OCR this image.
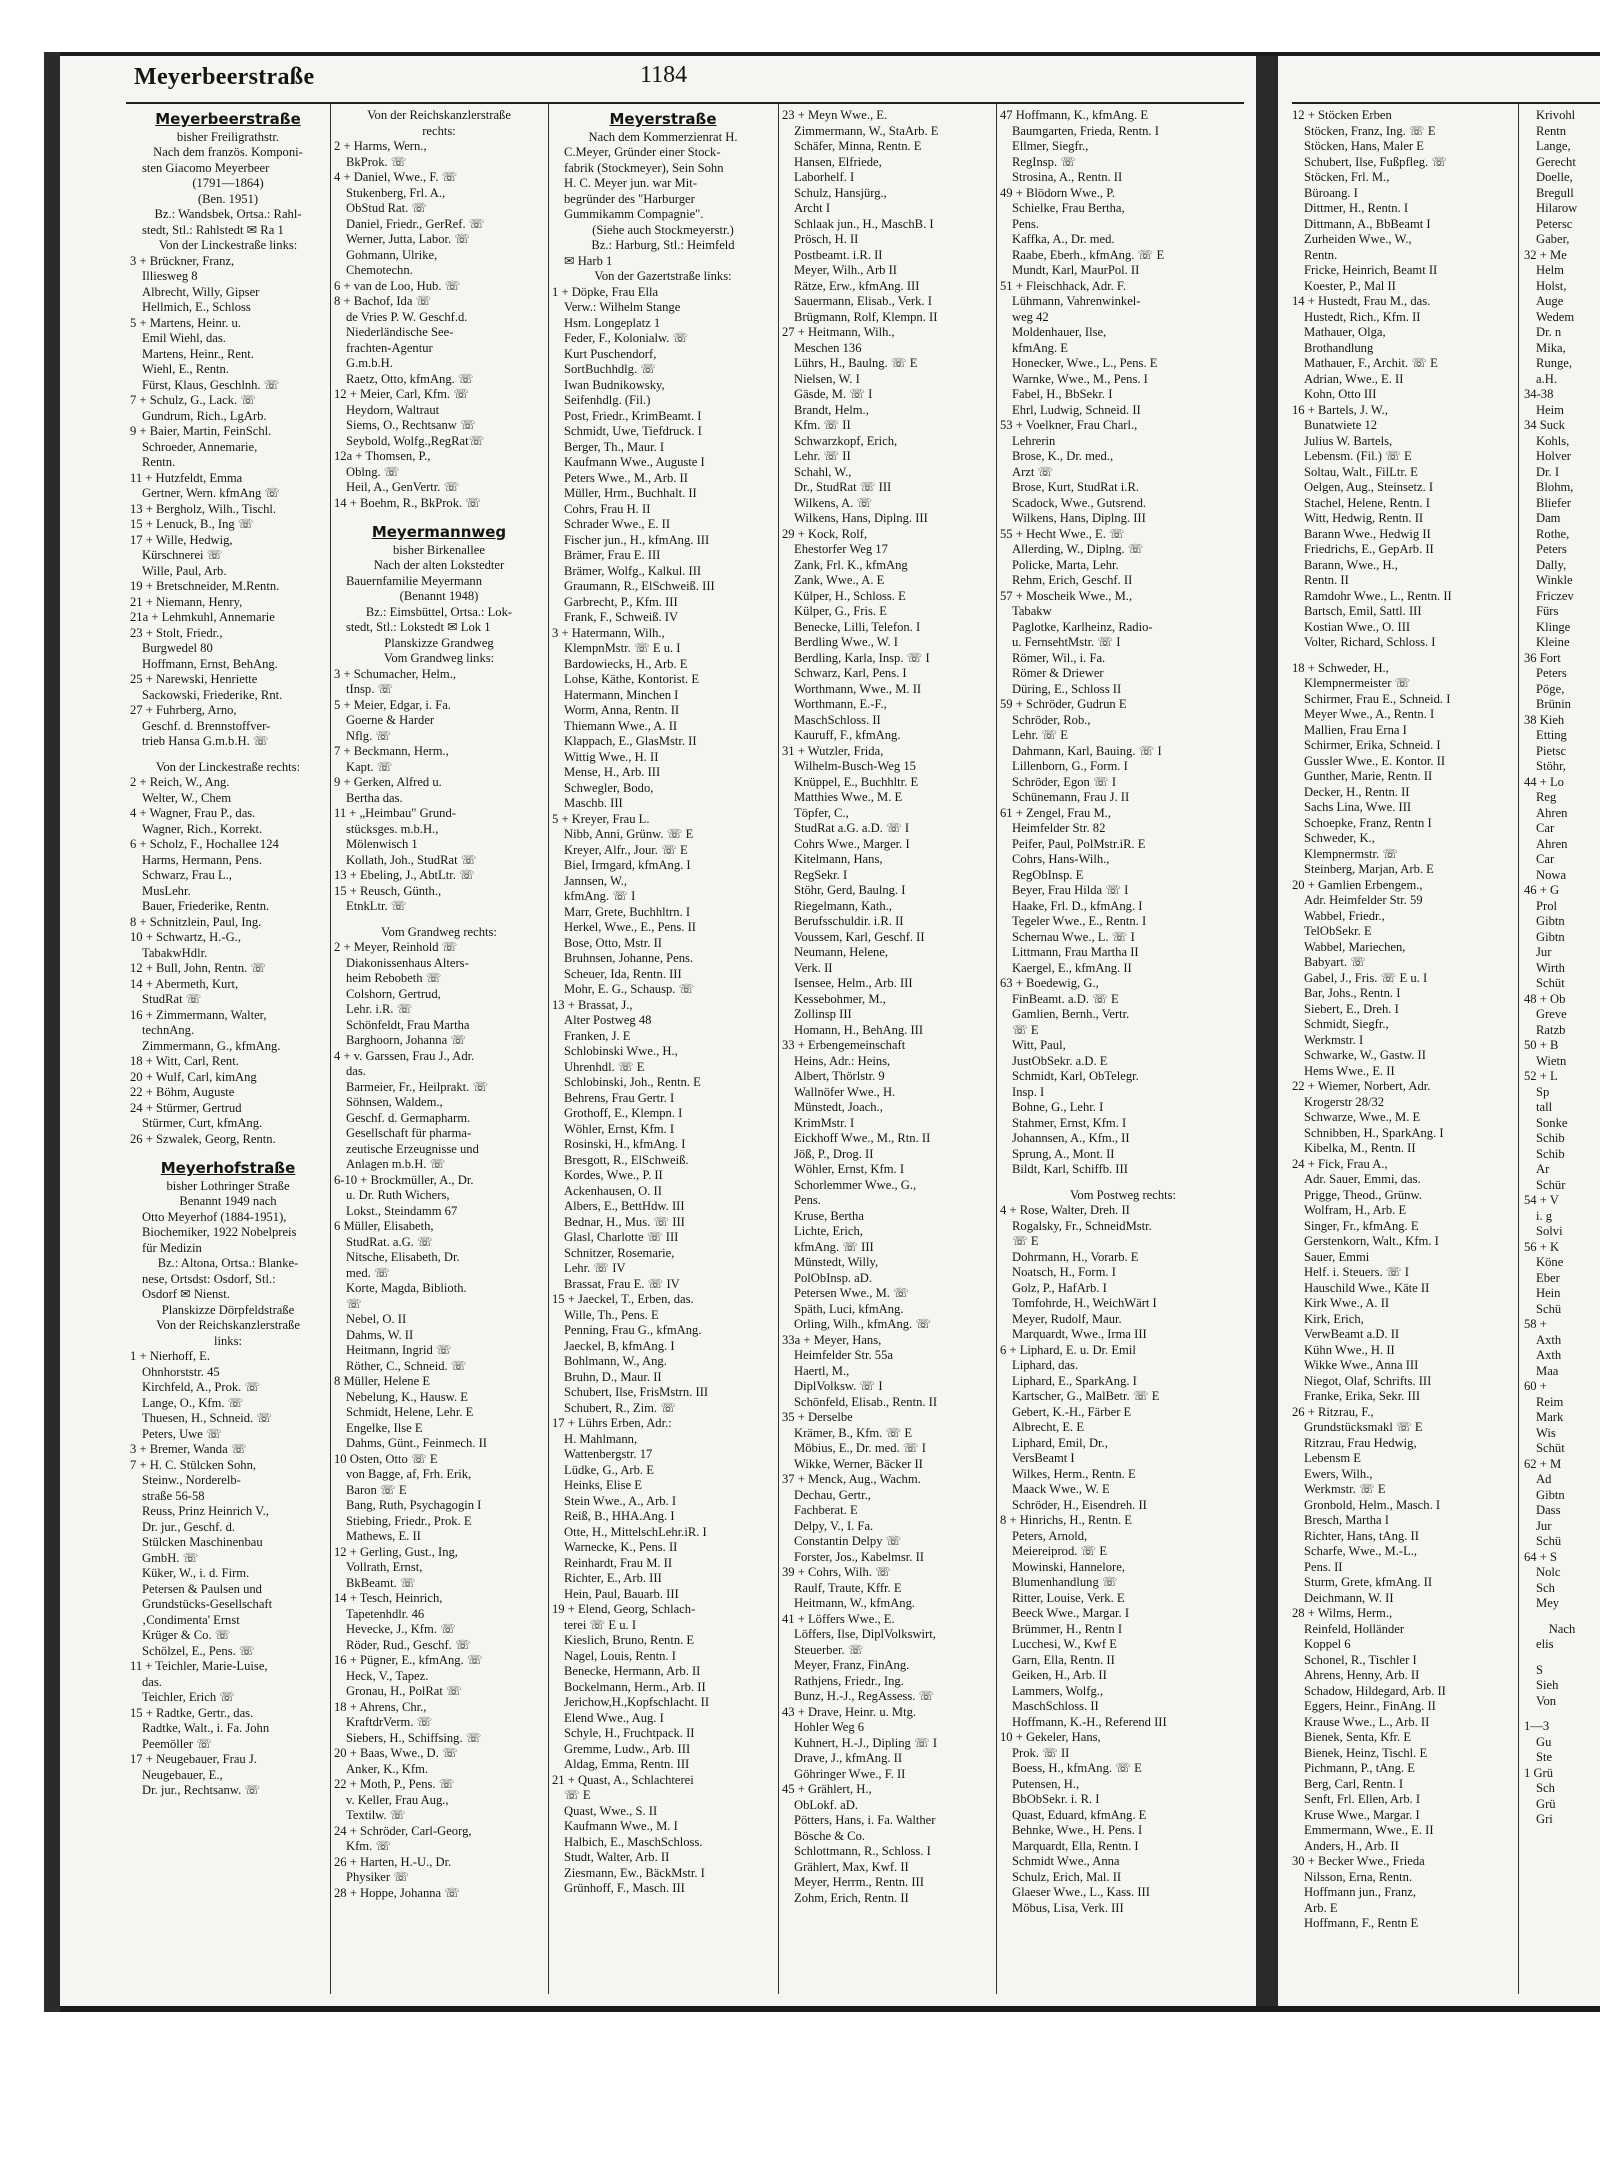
Meyerbeerstraße	1184
Meyerbeerstraße
bisher Freiligrathstr.
Nach dem französ. Komponi-
sten Giacomo Meyerbeer
(1791—1864)
(Ben. 1951)
Bz.: Wandsbek, Ortsa.: Rahl-
stedt, Stl.: Rahlstedt ✉ Ra 1
Von der Linckestraße links:
3 + Brückner, Franz,
Illiesweg 8
Albrecht, Willy, Gipser
Hellmich, E., Schloss
5 + Martens, Heinr. u.
Emil Wiehl, das.
Martens, Heinr., Rent.
Wiehl, E., Rentn.
Fürst, Klaus, Geschlnh. ☏
7 + Schulz, G., Lack. ☏
Gundrum, Rich., LgArb.
9 + Baier, Martin, FeinSchl.
Schroeder, Annemarie,
Rentn.
11 + Hutzfeldt, Emma
Gertner, Wern. kfmAng ☏
13 + Bergholz, Wilh., Tischl.
15 + Lenuck, B., Ing ☏
17 + Wille, Hedwig,
Kürschnerei ☏
Wille, Paul, Arb.
19 + Bretschneider, M.Rentn.
21 + Niemann, Henry,
21a + Lehmkuhl, Annemarie
23 + Stolt, Friedr.,
Burgwedel 80
Hoffmann, Ernst, BehAng.
25 + Narewski, Henriette
Sackowski, Friederike, Rnt.
27 + Fuhrberg, Arno,
Geschf. d. Brennstoffver-
trieb Hansa G.m.b.H. ☏
Von der Linckestraße rechts:
2 + Reich, W., Ang.
Welter, W., Chem
4 + Wagner, Frau P., das.
Wagner, Rich., Korrekt.
6 + Scholz, F., Hochallee 124
Harms, Hermann, Pens.
Schwarz, Frau L.,
MusLehr.
Bauer, Friederike, Rentn.
8 + Schnitzlein, Paul, Ing.
10 + Schwartz, H.-G.,
TabakwHdlr.
12 + Bull, John, Rentn. ☏
14 + Abermeth, Kurt,
StudRat ☏
16 + Zimmermann, Walter,
technAng.
Zimmermann, G., kfmAng.
18 + Witt, Carl, Rent.
20 + Wulf, Carl, kimAng
22 + Böhm, Auguste
24 + Stürmer, Gertrud
Stürmer, Curt, kfmAng.
26 + Szwalek, Georg, Rentn.
Meyerhofstraße
bisher Lothringer Straße
Benannt 1949 nach
Otto Meyerhof (1884-1951),
Biochemiker, 1922 Nobelpreis
für Medizin
Bz.: Altona, Ortsa.: Blanke-
nese, Ortsdst: Osdorf, Stl.:
Osdorf ✉ Nienst.
Planskizze Dörpfeldstraße
Von der Reichskanzlerstraße
links:
1 + Nierhoff, E.
Ohnhorststr. 45
Kirchfeld, A., Prok. ☏
Lange, O., Kfm. ☏
Thuesen, H., Schneid. ☏
Peters, Uwe ☏
3 + Bremer, Wanda ☏
7 + H. C. Stülcken Sohn,
Steinw., Norderelb-
straße 56-58
Reuss, Prinz Heinrich V.,
Dr. jur., Geschf. d.
Stülcken Maschinenbau
GmbH. ☏
Küker, W., i. d. Firm.
Petersen & Paulsen und
Grundstücks-Gesellschaft
‚Condimenta' Ernst
Krüger & Co. ☏
Schölzel, E., Pens. ☏
11 + Teichler, Marie-Luise,
das.
Teichler, Erich ☏
15 + Radtke, Gertr., das.
Radtke, Walt., i. Fa. John
Peemöller ☏
17 + Neugebauer, Frau J.
Neugebauer, E.,
Dr. jur., Rechtsanw. ☏
Von der Reichskanzlerstraße
rechts:
2 + Harms, Wern.,
BkProk. ☏
4 + Daniel, Wwe., F. ☏
Stukenberg, Frl. A.,
ObStud Rat. ☏
Daniel, Friedr., GerRef. ☏
Werner, Jutta, Labor. ☏
Gohmann, Ulrike,
Chemotechn.
6 + van de Loo, Hub. ☏
8 + Bachof, Ida ☏
de Vries P. W. Geschf.d.
Niederländische See-
frachten-Agentur
G.m.b.H.
Raetz, Otto, kfmAng. ☏
12 + Meier, Carl, Kfm. ☏
Heydorn, Waltraut
Siems, O., Rechtsanw ☏
Seybold, Wolfg.,RegRat☏
12a + Thomsen, P.,
Oblng. ☏
Heil, A., GenVertr. ☏
14 + Boehm, R., BkProk. ☏
Meyermannweg
bisher Birkenallee
Nach der alten Lokstedter
Bauernfamilie Meyermann
(Benannt 1948)
Bz.: Eimsbüttel, Ortsa.: Lok-
stedt, Stl.: Lokstedt ✉ Lok 1
Planskizze Grandweg
Vom Grandweg links:
3 + Schumacher, Helm.,
tInsp. ☏
5 + Meier, Edgar, i. Fa.
Goerne & Harder
Nflg. ☏
7 + Beckmann, Herm.,
Kapt. ☏
9 + Gerken, Alfred u.
Bertha das.
11 + „Heimbau" Grund-
stücksges. m.b.H.,
Mölenwisch 1
Kollath, Joh., StudRat ☏
13 + Ebeling, J., AbtLtr. ☏
15 + Reusch, Günth.,
EtnkLtr. ☏
Vom Grandweg rechts:
2 + Meyer, Reinhold ☏
Diakonissenhaus Alters-
heim Rebobeth ☏
Colshorn, Gertrud,
Lehr. i.R. ☏
Schönfeldt, Frau Martha
Barghoorn, Johanna ☏
4 + v. Garssen, Frau J., Adr.
das.
Barmeier, Fr., Heilprakt. ☏
Söhnsen, Waldem.,
Geschf. d. Germapharm.
Gesellschaft für pharma-
zeutische Erzeugnisse und
Anlagen m.b.H. ☏
6-10 + Brockmüller, A., Dr.
u. Dr. Ruth Wichers,
Lokst., Steindamm 67
6 Müller, Elisabeth,
StudRat. a.G. ☏
Nitsche, Elisabeth, Dr.
med. ☏
Korte, Magda, Biblioth.
☏
Nebel, O. II
Dahms, W. II
Heitmann, Ingrid ☏
Röther, C., Schneid. ☏
8 Müller, Helene E
Nebelung, K., Hausw. E
Schmidt, Helene, Lehr. E
Engelke, Ilse E
Dahms, Günt., Feinmech. II
10 Osten, Otto ☏ E
von Bagge, af, Frh. Erik,
Baron ☏ E
Bang, Ruth, Psychagogin I
Stiebing, Friedr., Prok. E
Mathews, E. II
12 + Gerling, Gust., Ing,
Vollrath, Ernst,
BkBeamt. ☏
14 + Tesch, Heinrich,
Tapetenhdlr. 46
Hevecke, J., Kfm. ☏
Röder, Rud., Geschf. ☏
16 + Pügner, E., kfmAng. ☏
Heck, V., Tapez.
Gronau, H., PolRat ☏
18 + Ahrens, Chr.,
KraftdrVerm. ☏
Siebers, H., Schiffsing. ☏
20 + Baas, Wwe., D. ☏
Anker, K., Kfm.
22 + Moth, P., Pens. ☏
v. Keller, Frau Aug.,
Textilw. ☏
24 + Schröder, Carl-Georg,
Kfm. ☏
26 + Harten, H.-U., Dr.
Physiker ☏
28 + Hoppe, Johanna ☏
Meyerstraße
Nach dem Kommerzienrat H.
C.Meyer, Gründer einer Stock-
fabrik (Stockmeyer), Sein Sohn
H. C. Meyer jun. war Mit-
begründer des "Harburger
Gummikamm Compagnie".
(Siehe auch Stockmeyerstr.)
Bz.: Harburg, Stl.: Heimfeld
✉ Harb 1
Von der Gazertstraße links:
1 + Döpke, Frau Ella
Verw.: Wilhelm Stange
Hsm. Longeplatz 1
Feder, F., Kolonialw. ☏
Kurt Puschendorf,
SortBuchhdlg. ☏
Iwan Budnikowsky,
Seifenhdlg. (Fil.)
Post, Friedr., KrimBeamt. I
Schmidt, Uwe, Tiefdruck. I
Berger, Th., Maur. I
Kaufmann Wwe., Auguste I
Peters Wwe., M., Arb. II
Müller, Hrm., Buchhalt. II
Cohrs, Frau H. II
Schrader Wwe., E. II
Fischer jun., H., kfmAng. III
Brämer, Frau E. III
Brämer, Wolfg., Kalkul. III
Graumann, R., ElSchweiß. III
Garbrecht, P., Kfm. III
Frank, F., Schweiß. IV
3 + Hatermann, Wilh.,
KlempnMstr. ☏ E u. I
Bardowiecks, H., Arb. E
Lohse, Käthe, Kontorist. E
Hatermann, Minchen I
Worm, Anna, Rentn. II
Thiemann Wwe., A. II
Klappach, E., GlasMstr. II
Wittig Wwe., H. II
Mense, H., Arb. III
Schwegler, Bodo,
Maschb. III
5 + Kreyer, Frau L.
Nibb, Anni, Grünw. ☏ E
Kreyer, Alfr., Jour. ☏ E
Biel, Irmgard, kfmAng. I
Jannsen, W.,
kfmAng. ☏ I
Marr, Grete, Buchhltrn. I
Herkel, Wwe., E., Pens. II
Bose, Otto, Mstr. II
Bruhnsen, Johanne, Pens.
Scheuer, Ida, Rentn. III
Mohr, E. G., Schausp. ☏
13 + Brassat, J.,
Alter Postweg 48
Franken, J. E
Schlobinski Wwe., H.,
Uhrenhdl. ☏ E
Schlobinski, Joh., Rentn. E
Behrens, Frau Gertr. I
Grothoff, E., Klempn. I
Wöhler, Ernst, Kfm. I
Rosinski, H., kfmAng. I
Bresgott, R., ElSchweiß.
Kordes, Wwe., P. II
Ackenhausen, O. II
Albers, E., BettHdw. III
Bednar, H., Mus. ☏ III
Glasl, Charlotte ☏ III
Schnitzer, Rosemarie,
Lehr. ☏ IV
Brassat, Frau E. ☏ IV
15 + Jaeckel, T., Erben, das.
Wille, Th., Pens. E
Penning, Frau G., kfmAng.
Jaeckel, B, kfmAng. I
Bohlmann, W., Ang.
Bruhn, D., Maur. II
Schubert, Ilse, FrisMstrn. III
Schubert, R., Zim. ☏
17 + Lührs Erben, Adr.:
H. Mahlmann,
Wattenbergstr. 17
Lüdke, G., Arb. E
Heinks, Elise E
Stein Wwe., A., Arb. I
Reiß, B., HHA.Ang. I
Otte, H., MittelschLehr.iR. I
Warnecke, K., Pens. II
Reinhardt, Frau M. II
Richter, E., Arb. III
Hein, Paul, Bauarb. III
19 + Elend, Georg, Schlach-
terei ☏ E u. I
Kieslich, Bruno, Rentn. E
Nagel, Louis, Rentn. I
Benecke, Hermann, Arb. II
Bockelmann, Herm., Arb. II
Jerichow,H.,Kopfschlacht. II
Elend Wwe., Aug. I
Schyle, H., Fruchtpack. II
Gremme, Ludw., Arb. III
Aldag, Emma, Rentn. III
21 + Quast, A., Schlachterei
☏ E
Quast, Wwe., S. II
Kaufmann Wwe., M. I
Halbich, E., MaschSchloss.
Studt, Walter, Arb. II
Ziesmann, Ew., BäckMstr. I
Grünhoff, F., Masch. III
23 + Meyn Wwe., E.
Zimmermann, W., StaArb. E
Schäfer, Minna, Rentn. E
Hansen, Elfriede,
Laborhelf. I
Schulz, Hansjürg.,
Archt I
Schlaak jun., H., MaschB. I
Prösch, H. II
Postbeamt. i.R. II
Meyer, Wilh., Arb II
Rätze, Erw., kfmAng. III
Sauermann, Elisab., Verk. I
Brügmann, Rolf, Klempn. II
27 + Heitmann, Wilh.,
Meschen 136
Lührs, H., Baulng. ☏ E
Nielsen, W. I
Gäsde, M. ☏ I
Brandt, Helm.,
Kfm. ☏ II
Schwarzkopf, Erich,
Lehr. ☏ II
Schahl, W.,
Dr., StudRat ☏ III
Wilkens, A. ☏
Wilkens, Hans, Diplng. III
29 + Kock, Rolf,
Ehestorfer Weg 17
Zank, Frl. K., kfmAng
Zank, Wwe., A. E
Külper, H., Schloss. E
Külper, G., Fris. E
Benecke, Lilli, Telefon. I
Berdling Wwe., W. I
Berdling, Karla, Insp. ☏ I
Schwarz, Karl, Pens. I
Worthmann, Wwe., M. II
Worthmann, E.-F.,
MaschSchloss. II
Kauruff, F., kfmAng.
31 + Wutzler, Frida,
Wilhelm-Busch-Weg 15
Knüppel, E., Buchhltr. E
Matthies Wwe., M. E
Töpfer, C.,
StudRat a.G. a.D. ☏ I
Cohrs Wwe., Marger. I
Kitelmann, Hans,
RegSekr. I
Stöhr, Gerd, Baulng. I
Riegelmann, Kath.,
Berufsschuldir. i.R. II
Voussem, Karl, Geschf. II
Neumann, Helene,
Verk. II
Isensee, Helm., Arb. III
Kessebohmer, M.,
Zollinsp III
Homann, H., BehAng. III
33 + Erbengemeinschaft
Heins, Adr.: Heins,
Albert, Thörlstr. 9
Wallnöfer Wwe., H.
Münstedt, Joach.,
KrimMstr. I
Eickhoff Wwe., M., Rtn. II
Jöß, P., Drog. II
Wöhler, Ernst, Kfm. I
Schorlemmer Wwe., G.,
Pens.
Kruse, Bertha
Lichte, Erich,
kfmAng. ☏ III
Münstedt, Willy,
PolObInsp. aD.
Petersen Wwe., M. ☏
Späth, Luci, kfmAng.
Orling, Wilh., kfmAng. ☏
33a + Meyer, Hans,
Heimfelder Str. 55a
Haertl, M.,
DiplVolksw. ☏ I
Schönfeld, Elisab., Rentn. II
35 + Derselbe
Krämer, B., Kfm. ☏ E
Möbius, E., Dr. med. ☏ I
Wikke, Werner, Bäcker II
37 + Menck, Aug., Wachm.
Dechau, Gertr.,
Fachberat. E
Delpy, V., I. Fa.
Constantin Delpy ☏
Forster, Jos., Kabelmsr. II
39 + Cohrs, Wilh. ☏
Raulf, Traute, Kffr. E
Heitmann, W., kfmAng.
41 + Löffers Wwe., E.
Löffers, Ilse, DiplVolkswirt,
Steuerber. ☏
Meyer, Franz, FinAng.
Rathjens, Friedr., Ing.
Bunz, H.-J., RegAssess. ☏
43 + Drave, Heinr. u. Mtg.
Hohler Weg 6
Kuhnert, H.-J., Dipling ☏ I
Drave, J., kfmAng. II
Göhringer Wwe., F. II
45 + Grählert, H.,
ObLokf. aD.
Pötters, Hans, i. Fa. Walther
Bösche & Co.
Schlottmann, R., Schloss. I
Grählert, Max, Kwf. II
Meyer, Herrm., Rentn. III
Zohm, Erich, Rentn. II
47 Hoffmann, K., kfmAng. E
Baumgarten, Frieda, Rentn. I
Ellmer, Siegfr.,
RegInsp. ☏
Strosina, A., Rentn. II
49 + Blödorn Wwe., P.
Schielke, Frau Bertha,
Pens.
Kaffka, A., Dr. med.
Raabe, Eberh., kfmAng. ☏ E
Mundt, Karl, MaurPol. II
51 + Fleischhack, Adr. F.
Lühmann, Vahrenwinkel-
weg 42
Moldenhauer, Ilse,
kfmAng. E
Honecker, Wwe., L., Pens. E
Warnke, Wwe., M., Pens. I
Fabel, H., BbSekr. I
Ehrl, Ludwig, Schneid. II
53 + Voelkner, Frau Charl.,
Lehrerin
Brose, K., Dr. med.,
Arzt ☏
Brose, Kurt, StudRat i.R.
Scadock, Wwe., Gutsrend.
Wilkens, Hans, Diplng. III
55 + Hecht Wwe., E. ☏
Allerding, W., Diplng. ☏
Policke, Marta, Lehr.
Rehm, Erich, Geschf. II
57 + Moscheik Wwe., M.,
Tabakw
Paglotke, Karlheinz, Radio-
u. FernsehtMstr. ☏ I
Römer, Wil., i. Fa.
Römer & Driewer
Düring, E., Schloss II
59 + Schröder, Gudrun E
Schröder, Rob.,
Lehr. ☏ E
Dahmann, Karl, Bauing. ☏ I
Lillenborn, G., Form. I
Schröder, Egon ☏ I
Schünemann, Frau J. II
61 + Zengel, Frau M.,
Heimfelder Str. 82
Peifer, Paul, PolMstr.iR. E
Cohrs, Hans-Wilh.,
RegObInsp. E
Beyer, Frau Hilda ☏ I
Haake, Frl. D., kfmAng. I
Tegeler Wwe., E., Rentn. I
Schernau Wwe., L. ☏ I
Littmann, Frau Martha II
Kaergel, E., kfmAng. II
63 + Boedewig, G.,
FinBeamt. a.D. ☏ E
Gamlien, Bernh., Vertr.
☏ E
Witt, Paul,
JustObSekr. a.D. E
Schmidt, Karl, ObTelegr.
Insp. I
Bohne, G., Lehr. I
Stahmer, Ernst, Kfm. I
Johannsen, A., Kfm., II
Sprung, A., Mont. II
Bildt, Karl, Schiffb. III
Vom Postweg rechts:
4 + Rose, Walter, Dreh. II
Rogalsky, Fr., SchneidMstr.
☏ E
Dohrmann, H., Vorarb. E
Noatsch, H., Form. I
Golz, P., HafArb. I
Tomfohrde, H., WeichWärt I
Meyer, Rudolf, Maur.
Marquardt, Wwe., Irma III
6 + Liphard, E. u. Dr. Emil
Liphard, das.
Liphard, E., SparkAng. I
Kartscher, G., MalBetr. ☏ E
Gebert, K.-H., Färber E
Albrecht, E. E
Liphard, Emil, Dr.,
VersBeamt I
Wilkes, Herm., Rentn. E
Maack Wwe., W. E
Schröder, H., Eisendreh. II
8 + Hinrichs, H., Rentn. E
Peters, Arnold,
Meiereiprod. ☏ E
Mowinski, Hannelore,
Blumenhandlung ☏
Ritter, Louise, Verk. E
Beeck Wwe., Margar. I
Brümmer, H., Rentn I
Lucchesi, W., Kwf E
Garn, Ella, Rentn. II
Geiken, H., Arb. II
Lammers, Wolfg.,
MaschSchloss. II
Hoffmann, K.-H., Referend III
10 + Gekeler, Hans,
Prok. ☏ II
Boess, H., kfmAng. ☏ E
Putensen, H.,
BbObSekr. i. R. I
Quast, Eduard, kfmAng. E
Behnke, Wwe., H. Pens. I
Marquardt, Ella, Rentn. I
Schmidt Wwe., Anna
Schulz, Erich, Mal. II
Glaeser Wwe., L., Kass. III
Möbus, Lisa, Verk. III
12 + Stöcken Erben
Stöcken, Franz, Ing. ☏ E
Stöcken, Hans, Maler E
Schubert, Ilse, Fußpfleg. ☏
Stöcken, Frl. M.,
Büroang. I
Dittmer, H., Rentn. I
Dittmann, A., BbBeamt I
Zurheiden Wwe., W.,
Rentn.
Fricke, Heinrich, Beamt II
Koester, P., Mal II
14 + Hustedt, Frau M., das.
Hustedt, Rich., Kfm. II
Mathauer, Olga,
Brothandlung
Mathauer, F., Archit. ☏ E
Adrian, Wwe., E. II
Kohn, Otto III
16 + Bartels, J. W.,
Bunatwiete 12
Julius W. Bartels,
Lebensm. (Fil.) ☏ E
Soltau, Walt., FilLtr. E
Oelgen, Aug., Steinsetz. I
Stachel, Helene, Rentn. I
Witt, Hedwig, Rentn. II
Barann Wwe., Hedwig II
Friedrichs, E., GepArb. II
Barann, Wwe., H.,
Rentn. II
Ramdohr Wwe., L., Rentn. II
Bartsch, Emil, Sattl. III
Kostian Wwe., O. III
Volter, Richard, Schloss. I
18 + Schweder, H.,
Klempnermeister ☏
Schirmer, Frau E., Schneid. I
Meyer Wwe., A., Rentn. I
Mallien, Frau Erna I
Schirmer, Erika, Schneid. I
Gussler Wwe., E. Kontor. II
Gunther, Marie, Rentn. II
Decker, H., Rentn. II
Sachs Lina, Wwe. III
Schoepke, Franz, Rentn I
Schweder, K.,
Klempnermstr. ☏
Steinberg, Marjan, Arb. E
20 + Gamlien Erbengem.,
Adr. Heimfelder Str. 59
Wabbel, Friedr.,
TelObSekr. E
Wabbel, Mariechen,
Babyart. ☏
Gabel, J., Fris. ☏ E u. I
Bar, Johs., Rentn. I
Siebert, E., Dreh. I
Schmidt, Siegfr.,
Werkmstr. I
Schwarke, W., Gastw. II
Hems Wwe., E. II
22 + Wiemer, Norbert, Adr.
Krogerstr 28/32
Schwarze, Wwe., M. E
Schnibben, H., SparkAng. I
Kibelka, M., Rentn. II
24 + Fick, Frau A.,
Adr. Sauer, Emmi, das.
Prigge, Theod., Grünw.
Wolfram, H., Arb. E
Singer, Fr., kfmAng. E
Gerstenkorn, Walt., Kfm. I
Sauer, Emmi
Helf. i. Steuers. ☏ I
Hauschild Wwe., Käte II
Kirk Wwe., A. II
Kirk, Erich,
VerwBeamt a.D. II
Kühn Wwe., H. II
Wikke Wwe., Anna III
Niegot, Olaf, Schrifts. III
Franke, Erika, Sekr. III
26 + Ritzrau, F.,
Grundstücksmakl ☏ E
Ritzrau, Frau Hedwig,
Lebensm E
Ewers, Wilh.,
Werkmstr. ☏ E
Gronbold, Helm., Masch. I
Bresch, Martha I
Richter, Hans, tAng. II
Scharfe, Wwe., M.-L.,
Pens. II
Sturm, Grete, kfmAng. II
Deichmann, W. II
28 + Wilms, Herm.,
Reinfeld, Holländer
Koppel 6
Schonel, R., Tischler I
Ahrens, Henny, Arb. II
Schadow, Hildegard, Arb. II
Eggers, Heinr., FinAng. II
Krause Wwe., L., Arb. II
Bienek, Senta, Kfr. E
Bienek, Heinz, Tischl. E
Pichmann, P., tAng. E
Berg, Carl, Rentn. I
Senft, Frl. Ellen, Arb. I
Kruse Wwe., Margar. I
Emmermann, Wwe., E. II
Anders, H., Arb. II
30 + Becker Wwe., Frieda
Nilsson, Erna, Rentn.
Hoffmann jun., Franz,
Arb. E
Hoffmann, F., Rentn E
Krivohl
Rentn
Lange,
Gerecht
Doelle,
Bregull
Hilarow
Petersc
Gaber,
32 + Me
Helm
Holst,
Auge
Wedem
Dr. n
Mika,
Runge,
a.H.
34-38
Heim
34 Suck
Kohls,
Holver
Dr. I
Blohm,
Bliefer
Dam
Rothe,
Peters
Dally,
Winkle
Friczev
Fürs
Klinge
Kleine
36 Fort
Peters
Pöge,
Brünin
38 Kieh
Etting
Pietsc
Stöhr,
44 + Lo
Reg
Ahren
Car
Ahren
Car
Nowa
46 + G
Prol
Gibtn
Gibtn
Jur
Wirth
Schüt
48 + Ob
Greve
Ratzb
50 + B
Wietn
52 + L
Sp
tall
Sonke
Schib
Schib
Ar
Schür
54 + V
i. g
Solvi
56 + K
Köne
Eber
Hein
Schü
58 +
Axth
Axth
Maa
60 +
Reim
Mark
Wis
Schüt
62 + M
Ad
Gibtn
Dass
Jur
Schü
64 + S
Nolc
Sch
Mey
Nach
elis
S
Sieh
Von
1—3
Gu
Ste
1 Grü
Sch
Grü
Gri
